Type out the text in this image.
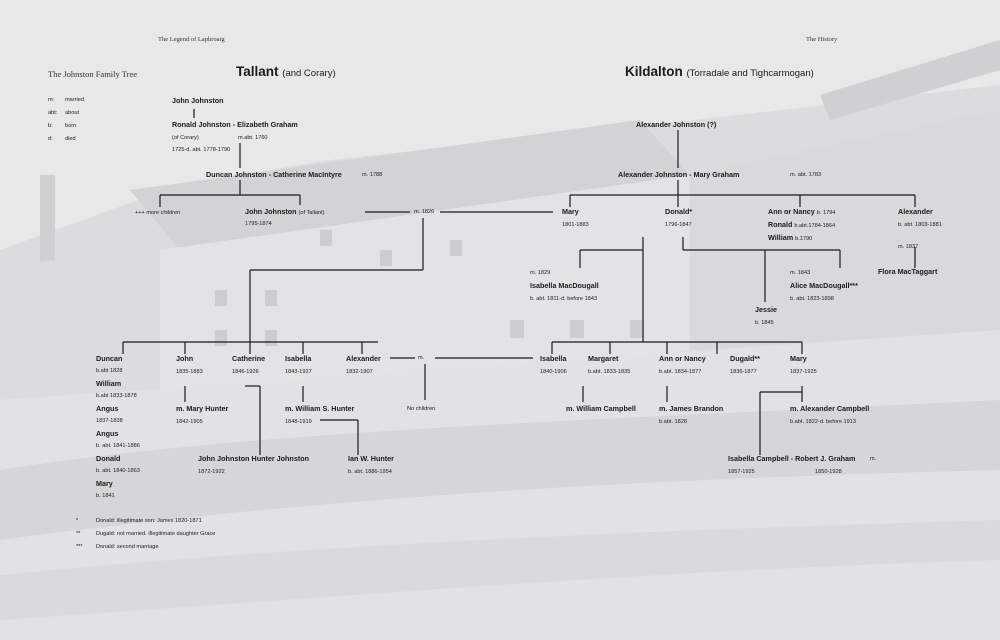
The Legend of Laphroaig	The History
The Johnston Family Tree
m: married
abt: about
b: born
d: died
Tallant (and Corary)	Kildalton (Torradale and Tighcarmogan)
John Johnston
Ronald Johnston - Elizabeth Graham
(of Corary)
1725-d. abt. 1778-1790
m.abt. 1760
Duncan Johnston - Catherine MacIntyre	m. 1788
+++ more children	John Johnston (of Tallant)
1795-1874
m. 1826
Alexander Johnston (?)
Alexander Johnston - Mary Graham	m. abt. 1783
Mary
1801-1883
Donald*
1796-1847
Ann or Nancy b. 1794
Ronald b.abt.1784-1864
William b.1790
Alexander
b. abt. 1803-1881
m. 1837
Flora MacTaggart
m. 1829
Isabella MacDougall
b. abt. 1811-d. before 1843
m. 1843
Alice MacDougall***
b. abt. 1823-1898
Jessie
b. 1845
Duncan
b.abt 1828
William
b.abt 1833-1878
Angus
1837-1838
Angus
b. abt. 1841-1886
Donald
b. abt. 1840-1863
Mary
b. 1841
John
1835-1883
m. Mary Hunter
1842-1905
Catherine
1846-1926
Isabella
1843-1927
m. William S. Hunter
1848-1919
Alexander
1832-1907
m.
No children
Isabella
1840-1906
Margaret
b.abt. 1833-1835
m. William Campbell
Ann or Nancy
b.abt. 1834-1877
m. James Brandon
b.abt. 1828
Dugald**
1836-1877
Mary
1837-1925
m. Alexander Campbell
b.abt. 1822-d. before 1913
John Johnston Hunter Johnston
1872-1922
Ian W. Hunter
b. abt. 1886-1954
Isabella Campbell - Robert J. Graham	m.
1857-1925	1850-1928
*	Donald: illegitimate son: James 1820-1871
**	Dugald: not married. Illegitimate daughter Grace
*** Donald: second marriage
